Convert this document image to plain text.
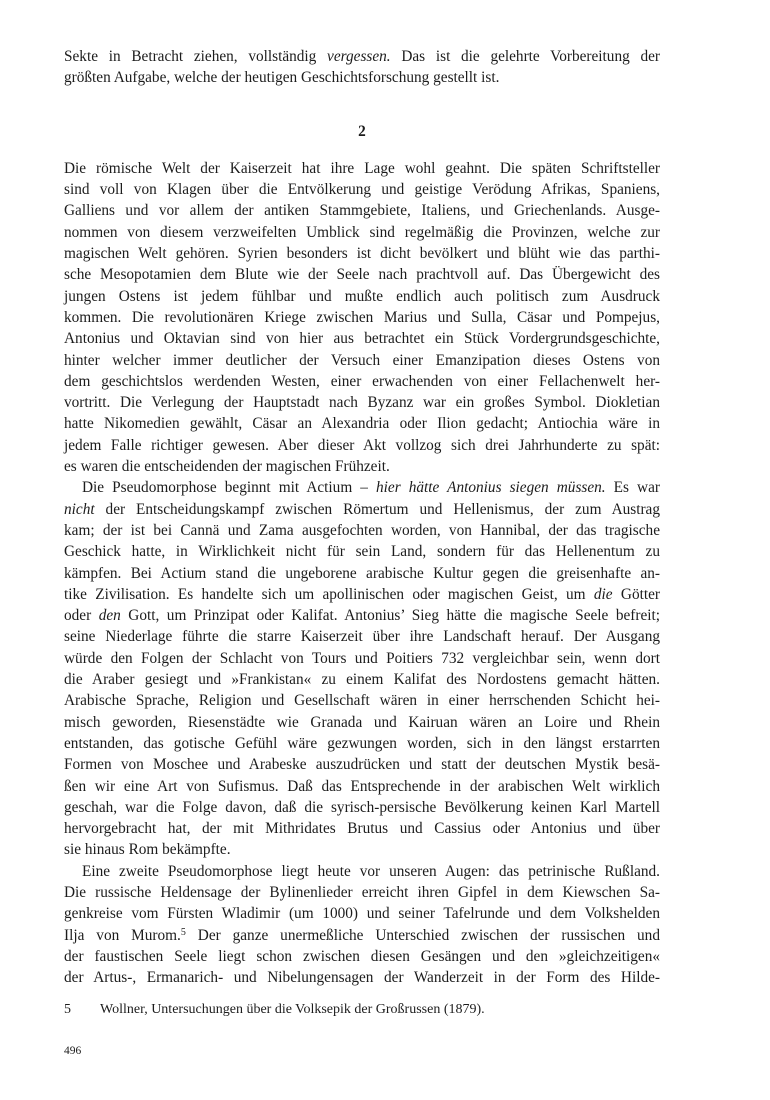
Sekte in Betracht ziehen, vollständig vergessen. Das ist die gelehrte Vorbereitung der
größten Aufgabe, welche der heutigen Geschichtsforschung gestellt ist.
2
Die römische Welt der Kaiserzeit hat ihre Lage wohl geahnt. Die späten Schriftsteller
sind voll von Klagen über die Entvölkerung und geistige Verödung Afrikas, Spaniens,
Galliens und vor allem der antiken Stammgebiete, Italiens, und Griechenlands. Ausge-
nommen von diesem verzweifelten Umblick sind regelmäßig die Provinzen, welche zur
magischen Welt gehören. Syrien besonders ist dicht bevölkert und blüht wie das parthi-
sche Mesopotamien dem Blute wie der Seele nach prachtvoll auf. Das Übergewicht des
jungen Ostens ist jedem fühlbar und mußte endlich auch politisch zum Ausdruck
kommen. Die revolutionären Kriege zwischen Marius und Sulla, Cäsar und Pompejus,
Antonius und Oktavian sind von hier aus betrachtet ein Stück Vordergrundsgeschichte,
hinter welcher immer deutlicher der Versuch einer Emanzipation dieses Ostens von
dem geschichtslos werdenden Westen, einer erwachenden von einer Fellachenwelt her-
vortritt. Die Verlegung der Hauptstadt nach Byzanz war ein großes Symbol. Diokletian
hatte Nikomedien gewählt, Cäsar an Alexandria oder Ilion gedacht; Antiochia wäre in
jedem Falle richtiger gewesen. Aber dieser Akt vollzog sich drei Jahrhunderte zu spät:
es waren die entscheidenden der magischen Frühzeit.
Die Pseudomorphose beginnt mit Actium – hier hätte Antonius siegen müssen. Es war
nicht der Entscheidungskampf zwischen Römertum und Hellenismus, der zum Austrag
kam; der ist bei Cannä und Zama ausgefochten worden, von Hannibal, der das tragische
Geschick hatte, in Wirklichkeit nicht für sein Land, sondern für das Hellenentum zu
kämpfen. Bei Actium stand die ungeborene arabische Kultur gegen die greisenhafte an-
tike Zivilisation. Es handelte sich um apollinischen oder magischen Geist, um die Götter
oder den Gott, um Prinzipat oder Kalifat. Antonius’ Sieg hätte die magische Seele befreit;
seine Niederlage führte die starre Kaiserzeit über ihre Landschaft herauf. Der Ausgang
würde den Folgen der Schlacht von Tours und Poitiers 732 vergleichbar sein, wenn dort
die Araber gesiegt und »Frankistan« zu einem Kalifat des Nordostens gemacht hätten.
Arabische Sprache, Religion und Gesellschaft wären in einer herrschenden Schicht hei-
misch geworden, Riesenstädte wie Granada und Kairuan wären an Loire und Rhein
entstanden, das gotische Gefühl wäre gezwungen worden, sich in den längst erstarrten
Formen von Moschee und Arabeske auszudrücken und statt der deutschen Mystik besä-
ßen wir eine Art von Sufismus. Daß das Entsprechende in der arabischen Welt wirklich
geschah, war die Folge davon, daß die syrisch-persische Bevölkerung keinen Karl Martell
hervorgebracht hat, der mit Mithridates Brutus und Cassius oder Antonius und über
sie hinaus Rom bekämpfte.
Eine zweite Pseudomorphose liegt heute vor unseren Augen: das petrinische Rußland.
Die russische Heldensage der Bylinenlieder erreicht ihren Gipfel in dem Kiewschen Sa-
genkreise vom Fürsten Wladimir (um 1000) und seiner Tafelrunde und dem Volkshelden
Ilja von Murom.$^5$ Der ganze unermeßliche Unterschied zwischen der russischen und
der faustischen Seele liegt schon zwischen diesen Gesängen und den »gleichzeitigen«
der Artus-, Ermanarich- und Nibelungensagen der Wanderzeit in der Form des Hilde-
5 Wollner, Untersuchungen über die Volksepik der Großrussen (1879).
496
